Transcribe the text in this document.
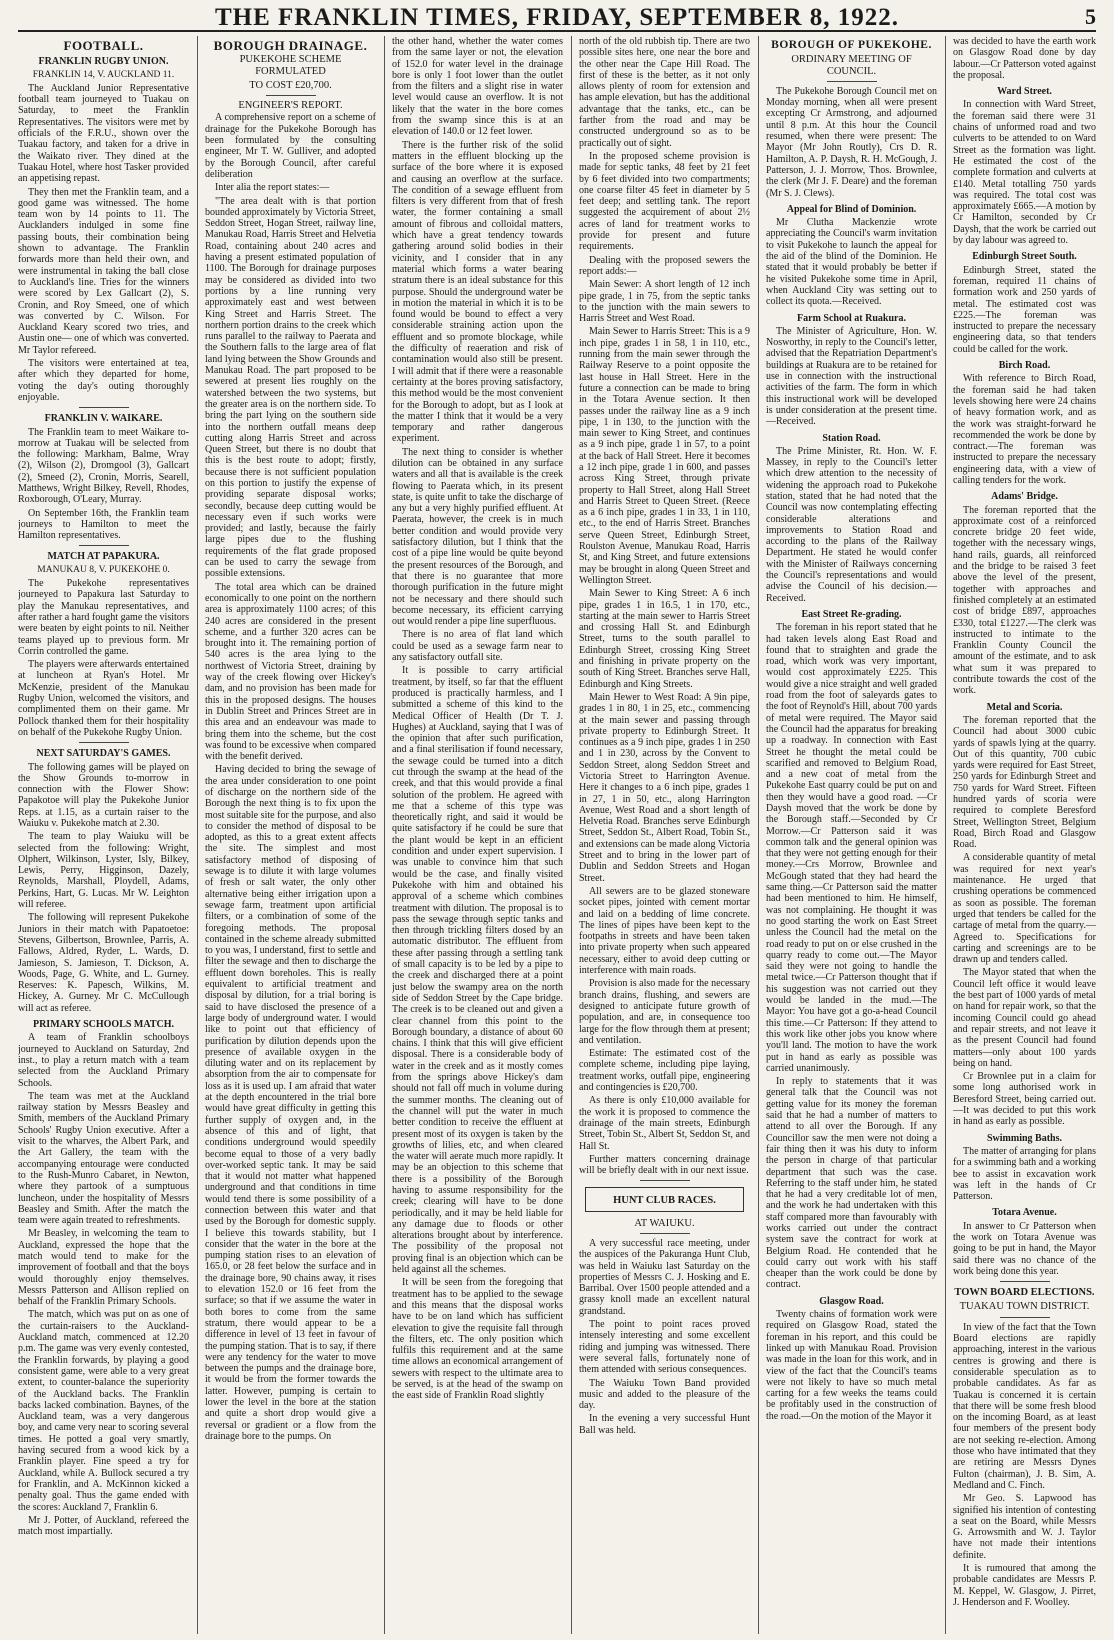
THE FRANKLIN TIMES, FRIDAY, SEPTEMBER 8, 1922.	5
FOOTBALL.
FRANKLIN RUGBY UNION.
FRANKLIN 14, V. AUCKLAND 11.

The Auckland Junior Representative football team journeyed to Tuakau on Saturday, to meet the Franklin Representatives. The visitors were met by officials of the F.R.U., shown over the Tuakau factory, and taken for a drive in the Waikato river. They dined at the Tuakau Hotel, where host Tasker provided an appetising repast.

They then met the Franklin team, and a good game was witnessed. The home team won by 14 points to 11. The Aucklanders indulged in some fine passing bouts, their combination being shown to advantage. The Franklin forwards more than held their own, and were instrumental in taking the ball close to Auckland's line. Tries for the winners were scored by Lex Gallcart (2), S. Cronin, and Roy Smeed, one of which was converted by C. Wilson. For Auckland Keary scored two tries, and Austin one— one of which was converted. Mr Taylor refereed.

The visitors were entertained at tea, after which they departed for home, voting the day's outing thoroughly enjoyable.

FRANKLIN V. WAIKARE.

The Franklin team to meet Waikare to-morrow at Tuakau will be selected from the following: Markham, Balme, Wray (2), Wilson (2), Dromgool (3), Gallcart (2), Smeed (2), Cronin, Morris, Searell, Matthews, Wright Bilkey, Revell, Rhodes, Roxborough, O'Leary, Murray.

On September 16th, the Franklin team journeys to Hamilton to meet the Hamilton representatives.

MATCH AT PAPAKURA.
MANUKAU 8, V. PUKEKOHE 0.

The Pukekohe representatives journeyed to Papakura last Saturday to play the Manukau representatives, and after rather a hard fought game the visitors were beaten by eight points to nil. Neither teams played up to previous form. Mr Corrin controlled the game.

The players were afterwards entertained at luncheon at Ryan's Hotel. Mr McKenzie, president of the Manukau Rugby Union, welcomed the visitors, and complimented them on their game. Mr Pollock thanked them for their hospitality on behalf of the Pukekohe Rugby Union.

NEXT SATURDAY'S GAMES.

The following games will be played on the Show Grounds to-morrow in connection with the Flower Show: Papakotoe will play the Pukekohe Junior Reps. at 1.15, as a curtain raiser to the Waiuku v. Pukekohe match at 2.30.

The team to play Waiuku will be selected from the following: Wright, Olphert, Wilkinson, Lyster, Isly, Bilkey, Lewis, Perry, Higginson, Dazely, Reynolds, Marshall, Ploydell, Adams, Perkins, Hart, G. Lucas. Mr W. Leighton will referee.

The following will represent Pukekohe Juniors in their match with Papatoetoe: Stevens, Gilbertson, Brownlee, Parris, A. Fallows, Aldred, Ryder, L. Wards, D. Jamieson, S. Jamieson, T. Dickson, A. Woods, Page, G. White, and L. Gurney. Reserves: K. Papesch, Wilkins, M. Hickey, A. Gurney. Mr C. McCullough will act as referee.

PRIMARY SCHOOLS MATCH.

A team of Franklin schoolboys journeyed to Auckland on Saturday, 2nd inst., to play a return match with a team selected from the Auckland Primary Schools.

The team was met at the Auckland railway station by Messrs Beasley and Smith, members of the Auckland Primary Schools' Rugby Union executive. After a visit to the wharves, the Albert Park, and the Art Gallery, the team with the accompanying entourage were conducted to the Rush-Munro Cabaret, in Newton, where they partook of a sumptuous luncheon, under the hospitality of Messrs Beasley and Smith. After the match the team were again treated to refreshments.

Mr Beasley, in welcoming the team to Auckland, expressed the hope that the match would tend to make for the improvement of football and that the boys would thoroughly enjoy themselves. Messrs Patterson and Allison replied on behalf of the Franklin Primary Schools.

The match, which was put on as one of the curtain-raisers to the Auckland-Auckland match, commenced at 12.20 p.m. The game was very evenly contested, the Franklin forwards, by playing a good consistent game, were able to a very great extent, to counter-balance the superiority of the Auckland backs. The Franklin backs lacked combination. Baynes, of the Auckland team, was a very dangerous boy, and came very near to scoring several times. He potted a goal very smartly, having secured from a wood kick by a Franklin player. Fine speed a try for Auckland, while A. Bullock secured a try for Franklin, and A. McKinnon kicked a penalty goal. Thus the game ended with the scores: Auckland 7, Franklin 6.

Mr J. Potter, of Auckland, refereed the match most impartially.

BOROUGH DRAINAGE.
PUKEKOHE SCHEME FORMULATED
TO COST £20,700.
ENGINEER'S REPORT.

A comprehensive report on a scheme of drainage for the Pukekohe Borough has been formulated by the consulting engineer, Mr T. W. Gulliver, and adopted by the Borough Council, after careful deliberation

Inter alia the report states:—

"The area dealt with is that portion bounded approximately by Victoria Street, Seddon Street, Hogan Street, railway line, Manukau Road, Harris Street and Helvetia Road, containing about 240 acres and having a present estimated population of 1100. The Borough for drainage purposes may be considered as divided into two portions by a line running very approximately east and west between King Street and Harris Street. The northern portion drains to the creek which runs parallel to the railway to Paerata and the Southern falls to the large area of flat land lying between the Show Grounds and Manukau Road. The part proposed to be sewered at present lies roughly on the watershed between the two systems, but the greater area is on the northern side. To bring the part lying on the southern side into the northern outfall means deep cutting along Harris Street and across Queen Street, but there is no doubt that this is the best route to adopt; firstly, because there is not sufficient population on this portion to justify the expense of providing separate disposal works; secondly, because deep cutting would be necessary even if such works were provided; and lastly, because the fairly large pipes due to the flushing requirements of the flat grade proposed can be used to carry the sewage from possible extensions.

The total area which can be drained economically to one point on the northern area is approximately 1100 acres; of this 240 acres are considered in the present scheme, and a further 320 acres can be brought into it. The remaining portion of 540 acres is the area lying to the northwest of Victoria Street, draining by way of the creek flowing over Hickey's dam, and no provision has been made for this in the proposed designs. The houses in Dublin Street and Princes Street are in this area and an endeavour was made to bring them into the scheme, but the cost was found to be excessive when compared with the benefit derived.

Having decided to bring the sewage of the area under consideration to one point of discharge on the northern side of the Borough the next thing is to fix upon the most suitable site for the purpose, and also to consider the method of disposal to be adopted, as this to a great extent affects the site. The simplest and most satisfactory method of disposing of sewage is to dilute it with large volumes of fresh or salt water, the only other alternative being either irrigation upon a sewage farm, treatment upon artificial filters, or a combination of some of the foregoing methods. The proposal contained in the scheme already submitted to you was, I understand, first to settle and filter the sewage and then to discharge the effluent down boreholes. This is really equivalent to artificial treatment and disposal by dilution, for a trial boring is said to have disclosed the presence of a large body of underground water. I would like to point out that efficiency of purification by dilution depends upon the presence of available oxygen in the diluting water and on its replacement by absorption from the air to compensate for loss as it is used up. I am afraid that water at the depth encountered in the trial bore would have great difficulty in getting this further supply of oxygen and, in the absence of this and of light, that conditions underground would speedily become equal to those of a very badly over-worked septic tank. It may be said that it would not matter what happened underground and that conditions in time would tend there is some possibility of a connection between this water and that used by the Borough for domestic supply. I believe this towards stability, but I consider that the water in the bore at the pumping station rises to an elevation of 165.0, or 28 feet below the surface and in the drainage bore, 90 chains away, it rises to elevation 152.0 or 16 feet from the surface; so that if we assume the water in both bores to come from the same stratum, there would appear to be a difference in level of 13 feet in favour of the pumping station. That is to say, if there were any tendency for the water to move between the pumps and the drainage bore, it would be from the former towards the latter. However, pumping is certain to lower the level in the bore at the station and quite a short drop would give a reversal or gradient or a flow from the drainage bore to the pumps. On

the other hand, whether the water comes from the same layer or not, the elevation of 152.0 for water level in the drainage bore is only 1 foot lower than the outlet from the filters and a slight rise in water level would cause an overflow. It is not likely that the water in the bore comes from the swamp since this is at an elevation of 140.0 or 12 feet lower.

There is the further risk of the solid matters in the effluent blocking up the surface of the bore where it is exposed and causing an overflow at the surface. The condition of a sewage effluent from filters is very different from that of fresh water, the former containing a small amount of fibrous and colloidal matters, which have a great tendency towards gathering around solid bodies in their vicinity, and I consider that in any material which forms a water bearing stratum there is an ideal substance for this purpose. Should the underground water be in motion the material in which it is to be found would be bound to effect a very considerable straining action upon the effluent and so promote blockage, while the difficulty of reaeration and risk of contamination would also still be present. I will admit that if there were a reasonable certainty at the bores proving satisfactory, this method would be the most convenient for the Borough to adopt, but as I look at the matter I think that it would be a very temporary and rather dangerous experiment.

The next thing to consider is whether dilution can be obtained in any surface waters and all that is available is the creek flowing to Paerata which, in its present state, is quite unfit to take the discharge of any but a very highly purified effluent. At Paerata, however, the creek is in much better condition and would provide very satisfactory dilution, but I think that the cost of a pipe line would be quite beyond the present resources of the Borough, and that there is no guarantee that more thorough purification in the future might not be necessary and there should such become necessary, its efficient carrying out would render a pipe line superfluous.

There is no area of flat land which could be used as a sewage farm near to any satisfactory outfall site.

It is possible to carry artificial treatment, by itself, so far that the effluent produced is practically harmless, and I submitted a scheme of this kind to the Medical Officer of Health (Dr T. J. Hughes) at Auckland, saying that I was of the opinion that after such purification, and a final sterilisation if found necessary, the sewage could be turned into a ditch cut through the swamp at the head of the creek, and that this would provide a final solution of the problem. He agreed with me that a scheme of this type was theoretically right, and said it would be quite satisfactory if he could be sure that the plant would be kept in an efficient condition and under expert supervision. I was unable to convince him that such would be the case, and finally visited Pukekohe with him and obtained his approval of a scheme which combines treatment with dilution. The proposal is to pass the sewage through septic tanks and then through trickling filters dosed by an automatic distributor. The effluent from these after passing through a settling tank of small capacity is to be led by a pipe to the creek and discharged there at a point just below the swampy area on the north side of Seddon Street by the Cape bridge. The creek is to be cleaned out and given a clear channel from this point to the Borough boundary, a distance of about 60 chains. I think that this will give efficient disposal. There is a considerable body of water in the creek and as it mostly comes from the springs above Hickey's dam should not fall off much in volume during the summer months. The cleaning out of the channel will put the water in much better condition to receive the effluent at present most of its oxygen is taken by the growths of lilies, etc, and when cleared the water will aerate much more rapidly. It may be an objection to this scheme that there is a possibility of the Borough having to assume responsibility for the creek; clearing will have to be done periodically, and it may be held liable for any damage due to floods or other alterations brought about by interference. The possibility of the proposal not proving final is an objection which can be held against all the schemes.

It will be seen from the foregoing that treatment has to be applied to the sewage and this means that the disposal works have to be on land which has sufficient elevation to give the requisite fall through the filters, etc. The only position which fulfils this requirement and at the same time allows an economical arrangement of sewers with respect to the ultimate area to be served, is at the head of the swamp on the east side of Franklin Road slightly

north of the old rubbish tip. There are two possible sites here, one near the bore and the other near the Cape Hill Road. The first of these is the better, as it not only allows plenty of room for extension and has ample elevation, but has the additional advantage that the tanks, etc., can be farther from the road and may be constructed underground so as to be practically out of sight.

In the proposed scheme provision is made for septic tanks, 48 feet by 21 feet by 6 feet divided into two compartments; one coarse filter 45 feet in diameter by 5 feet deep; and settling tank. The report suggested the acquirement of about 2½ acres of land for treatment works to provide for present and future requirements.

Dealing with the proposed sewers the report adds:—

Main Sewer: A short length of 12 inch pipe grade, 1 in 75, from the septic tanks to the junction with the main sewers to Harris Street and West Road.

Main Sewer to Harris Street: This is a 9 inch pipe, grades 1 in 58, 1 in 110, etc., running from the main sewer through the Railway Reserve to a point opposite the last house in Hall Street. Here in the future a connection can be made to bring in the Totara Avenue section. It then passes under the railway line as a 9 inch pipe, 1 in 130, to the junction with the main sewer to King Street, and continues as a 9 inch pipe, grade 1 in 57, to a point at the back of Hall Street. Here it becomes a 12 inch pipe, grade 1 in 600, and passes across King Street, through private property to Hall Street, along Hall Street and Harris Street to Queen Street. (Reece as a 6 inch pipe, grades 1 in 33, 1 in 110, etc., to the end of Harris Street. Branches serve Queen Street, Edinburgh Street, Roulston Avenue, Manukau Road, Harris St, and King Street, and future extensions may be brought in along Queen Street and Wellington Street.

Main Sewer to King Street: A 6 inch pipe, grades 1 in 16.5, 1 in 170, etc., starting at the main sewer to Harris Street and crossing Hall St. and Edinburgh Street, turns to the south parallel to Edinburgh Street, crossing King Street and finishing in private property on the south of King Street. Branches serve Hall, Edinburgh and King Streets.

Main Hewer to West Road: A 9in pipe, grades 1 in 80, 1 in 25, etc., commencing at the main sewer and passing through private property to Edinburgh Street. It continues as a 9 inch pipe, grades 1 in 250 and 1 in 230, across by the Convent to Seddon Street, along Seddon Street and Victoria Street to Harrington Avenue. Here it changes to a 6 inch pipe, grades 1 in 27, 1 in 50, etc., along Harrington Avenue, West Road and a short length of Helvetia Road. Branches serve Edinburgh Street, Seddon St., Albert Road, Tobin St., and extensions can be made along Victoria Street and to bring in the lower part of Dublin and Seddon Streets and Hogan Street.

All sewers are to be glazed stoneware socket pipes, jointed with cement mortar and laid on a bedding of lime concrete. The lines of pipes have been kept to the footpaths in streets and have been taken into private property when such appeared necessary, either to avoid deep cutting or interference with main roads.

Provision is also made for the necessary branch drains, flushing, and sewers are designed to anticipate future growth of population, and are, in consequence too large for the flow through them at present; and ventilation.

Estimate: The estimated cost of the complete scheme, including pipe laying, treatment works, outfall pipe, engineering and contingencies is £20,700.

As there is only £10,000 available for the work it is proposed to commence the drainage of the main streets, Edinburgh Street, Tobin St., Albert St, Seddon St, and Hall St.

Further matters concerning drainage will be briefly dealt with in our next issue.

HUNT CLUB RACES.
AT WAIUKU.

A very successful race meeting, under the auspices of the Pakuranga Hunt Club, was held in Waiuku last Saturday on the properties of Messrs C. J. Hosking and E. Barribal. Over 1500 people attended and a grassy knoll made an excellent natural grandstand.

The point to point races proved intensely interesting and some excellent riding and jumping was witnessed. There were several falls, fortunately none of them attended with serious consequences.

The Waiuku Town Band provided music and added to the pleasure of the day.

In the evening a very successful Hunt Ball was held.

BOROUGH OF PUKEKOHE.
ORDINARY MEETING OF COUNCIL.

The Pukekohe Borough Council met on Monday morning, when all were present excepting Cr Armstrong, and adjourned until 8 p.m. At this hour the Council resumed, when there were present: The Mayor (Mr John Routly), Crs D. R. Hamilton, A. P. Daysh, R. H. McGough, J. Patterson, J. J. Morrow, Thos. Brownlee, the clerk (Mr J. F. Deare) and the foreman (Mr S. J. Clews).

Appeal for Blind of Dominion.

Mr Clutha Mackenzie wrote appreciating the Council's warm invitation to visit Pukekohe to launch the appeal for the aid of the blind of the Dominion. He stated that it would probably be better if he visited Pukekohe some time in April, when Auckland City was setting out to collect its quota.—Received.

Farm School at Ruakura.

The Minister of Agriculture, Hon. W. Nosworthy, in reply to the Council's letter, advised that the Repatriation Department's buildings at Ruakura are to be retained for use in connection with the instructional activities of the farm. The form in which this instructional work will be developed is under consideration at the present time.—Received.

Station Road.

The Prime Minister, Rt. Hon. W. F. Massey, in reply to the Council's letter which drew attention to the necessity of widening the approach road to Pukekohe station, stated that he had noted that the Council was now contemplating effecting considerable alterations and improvements to Station Road and according to the plans of the Railway Department. He stated he would confer with the Minister of Railways concerning the Council's representations and would advise the Council of his decision.—Received.

East Street Re-grading.

The foreman in his report stated that he had taken levels along East Road and found that to straighten and grade the road, which work was very important, would cost approximately £225. This would give a nice straight and well graded road from the foot of saleyards gates to the foot of Reynold's Hill, about 700 yards of metal were required. The Mayor said the Council had the apparatus for breaking up a roadway. In connection with East Street he thought the metal could be scarified and removed to Belgium Road, and a new coat of metal from the Pukekohe East quarry could be put on and then they would have a good road. —Cr Daysh moved that the work be done by the Borough staff.—Seconded by Cr Morrow.—Cr Patterson said it was common talk and the general opinion was that they were not getting enough for their money.—Crs Morrow, Brownlee and McGough stated that they had heard the same thing.—Cr Patterson said the matter had been mentioned to him. He himself, was not complaining. He thought it was no good starting the work on East Street unless the Council had the metal on the road ready to put on or else crushed in the quarry ready to come out.—The Mayor said they were not going to handle the metal twice.—Cr Patterson thought that if his suggestion was not carried out they would be landed in the mud.—The Mayor: You have got a go-a-head Council this time.—Cr Patterson: If they attend to this work like other jobs you know where you'll land. The motion to have the work put in hand as early as possible was carried unanimously.

In reply to statements that it was general talk that the Council was not getting value for its money the foreman said that he had a number of matters to attend to all over the Borough. If any Councillor saw the men were not doing a fair thing then it was his duty to inform the person in charge of that particular department that such was the case. Referring to the staff under him, he stated that he had a very creditable lot of men, and the work he had undertaken with this staff compared more than favourably with works carried out under the contract system save the contract for work at Belgium Road. He contended that he could carry out work with his staff cheaper than the work could be done by contract.

Glasgow Road.

Twenty chains of formation work were required on Glasgow Road, stated the foreman in his report, and this could be linked up with Manukau Road. Provision was made in the loan for this work, and in view of the fact that the Council's teams were not likely to have so much metal carting for a few weeks the teams could be profitably used in the construction of the road.—On the motion of the Mayor it

was decided to have the earth work on Glasgow Road done by day labour.—Cr Patterson voted against the proposal.

Ward Street.

In connection with Ward Street, the foreman said there were 31 chains of unformed road and two culverts to be attended to on Ward Street as the formation was light. He estimated the cost of the complete formation and culverts at £140. Metal totalling 750 yards was required. The total cost was approximately £665.—A motion by Cr Hamilton, seconded by Cr Daysh, that the work be carried out by day labour was agreed to.

Edinburgh Street South.

Edinburgh Street, stated the foreman, required 11 chains of formation work and 250 yards of metal. The estimated cost was £225.—The foreman was instructed to prepare the necessary engineering data, so that tenders could be called for the work.

Birch Road.

With reference to Birch Road, the foreman said he had taken levels showing here were 24 chains of heavy formation work, and as the work was straight-forward he recommended the work be done by contract.—The foreman was instructed to prepare the necessary engineering data, with a view of calling tenders for the work.

Adams' Bridge.

The foreman reported that the approximate cost of a reinforced concrete bridge 20 feet wide, together with the necessary wings, hand rails, guards, all reinforced and the bridge to be raised 3 feet above the level of the present, together with approaches and finished completely at an estimated cost of bridge £897, approaches £330, total £1227.—The clerk was instructed to intimate to the Franklin County Council the amount of the estimate, and to ask what sum it was prepared to contribute towards the cost of the work.

Metal and Scoria.

The foreman reported that the Council had about 3000 cubic yards of spawls lying at the quarry. Out of this quantity, 700 cubic yards were required for East Street, 250 yards for Edinburgh Street and 750 yards for Ward Street. Fifteen hundred yards of scoria were required to complete Beresford Street, Wellington Street, Belgium Road, Birch Road and Glasgow Road.

A considerable quantity of metal was required for next year's maintenance. He urged that crushing operations be commenced as soon as possible. The foreman urged that tenders be called for the cartage of metal from the quarry.—Agreed to. Specifications for carting and screenings are to be drawn up and tenders called.

The Mayor stated that when the Council left office it would leave the best part of 1000 yards of metal on hand for repair work, so that the incoming Council could go ahead and repair streets, and not leave it as the present Council had found matters—only about 100 yards being on hand.

Cr Brownlee put in a claim for some long authorised work in Beresford Street, being carried out.—It was decided to put this work in hand as early as possible.

Swimming Baths.

The matter of arranging for plans for a swimming bath and a working bee to assist in excavation work was left in the hands of Cr Patterson.

Totara Avenue.

In answer to Cr Patterson when the work on Totara Avenue was going to be put in hand, the Mayor said there was no chance of the work being done this year.

TOWN BOARD ELECTIONS.
TUAKAU TOWN DISTRICT.

In view of the fact that the Town Board elections are rapidly approaching, interest in the various centres is growing and there is considerable speculation as to probable candidates. As far as Tuakau is concerned it is certain that there will be some fresh blood on the incoming Board, as at least four members of the present body are not seeking re-election. Among those who have intimated that they are retiring are Messrs Dynes Fulton (chairman), J. B. Sim, A. Medland and C. Finch.

Mr Geo. S. Lapwood has signified his intention of contesting a seat on the Board, while Messrs G. Arrowsmith and W. J. Taylor have not made their intentions definite.

It is rumoured that among the probable candidates are Messrs P. M. Keppel, W. Glasgow, J. Pirret, J. Henderson and F. Woolley.
